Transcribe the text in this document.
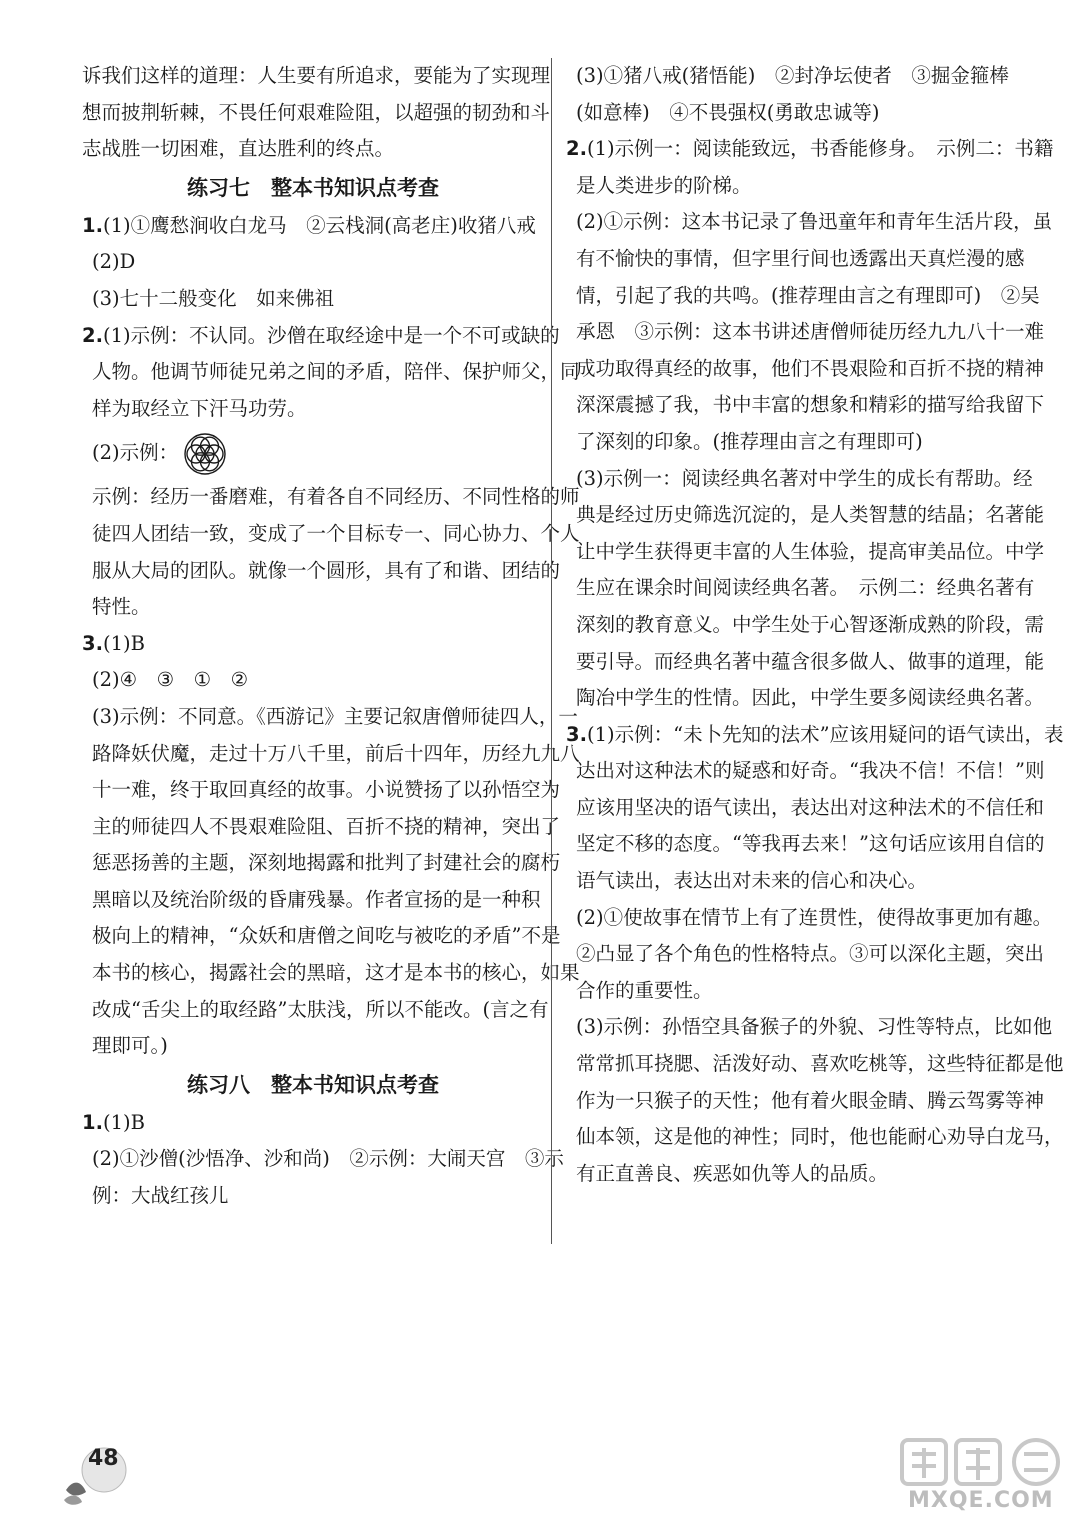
诉我们这样的道理：人生要有所追求，要能为了实现理
想而披荆斩棘，不畏任何艰难险阻，以超强的韧劲和斗
志战胜一切困难，直达胜利的终点。
练习七　整本书知识点考查
1.(1)①鹰愁涧收白龙马　②云栈洞(高老庄)收猪八戒
(2)D
(3)七十二般变化　如来佛祖
2.(1)示例：不认同。沙僧在取经途中是一个不可或缺的
人物。他调节师徒兄弟之间的矛盾，陪伴、保护师父，同
样为取经立下汗马功劳。
(2)示例：
示例：经历一番磨难，有着各自不同经历、不同性格的师
徒四人团结一致，变成了一个目标专一、同心协力、个人
服从大局的团队。就像一个圆形，具有了和谐、团结的
特性。
3.(1)B
(2)④　③　①　②
(3)示例：不同意。《西游记》主要记叙唐僧师徒四人，一
路降妖伏魔，走过十万八千里，前后十四年，历经九九八
十一难，终于取回真经的故事。小说赞扬了以孙悟空为
主的师徒四人不畏艰难险阻、百折不挠的精神，突出了
惩恶扬善的主题，深刻地揭露和批判了封建社会的腐朽
黑暗以及统治阶级的昏庸残暴。作者宣扬的是一种积
极向上的精神，“众妖和唐僧之间吃与被吃的矛盾”不是
本书的核心，揭露社会的黑暗，这才是本书的核心，如果
改成“舌尖上的取经路”太肤浅，所以不能改。(言之有
理即可。)
练习八　整本书知识点考查
1.(1)B
(2)①沙僧(沙悟净、沙和尚)　②示例：大闹天宫　③示
例：大战红孩儿
(3)①猪八戒(猪悟能)　②封净坛使者　③掘金箍棒
(如意棒)　④不畏强权(勇敢忠诚等)
2.(1)示例一：阅读能致远，书香能修身。　示例二：书籍
是人类进步的阶梯。
(2)①示例：这本书记录了鲁迅童年和青年生活片段，虽
有不愉快的事情，但字里行间也透露出天真烂漫的感
情，引起了我的共鸣。(推荐理由言之有理即可)　②吴
承恩　③示例：这本书讲述唐僧师徒历经九九八十一难
成功取得真经的故事，他们不畏艰险和百折不挠的精神
深深震撼了我，书中丰富的想象和精彩的描写给我留下
了深刻的印象。(推荐理由言之有理即可)
(3)示例一：阅读经典名著对中学生的成长有帮助。经
典是经过历史筛选沉淀的，是人类智慧的结晶；名著能
让中学生获得更丰富的人生体验，提高审美品位。中学
生应在课余时间阅读经典名著。　示例二：经典名著有
深刻的教育意义。中学生处于心智逐渐成熟的阶段，需
要引导。而经典名著中蕴含很多做人、做事的道理，能
陶冶中学生的性情。因此，中学生要多阅读经典名著。
3.(1)示例：“未卜先知的法术”应该用疑问的语气读出，表
达出对这种法术的疑惑和好奇。“我决不信！不信！”则
应该用坚决的语气读出，表达出对这种法术的不信任和
坚定不移的态度。“等我再去来！”这句话应该用自信的
语气读出，表达出对未来的信心和决心。
(2)①使故事在情节上有了连贯性，使得故事更加有趣。
②凸显了各个角色的性格特点。③可以深化主题，突出
合作的重要性。
(3)示例：孙悟空具备猴子的外貌、习性等特点，比如他
常常抓耳挠腮、活泼好动、喜欢吃桃等，这些特征都是他
作为一只猴子的天性；他有着火眼金睛、腾云驾雾等神
仙本领，这是他的神性；同时，他也能耐心劝导白龙马，
有正直善良、疾恶如仇等人的品质。
48
MXQE.COM
